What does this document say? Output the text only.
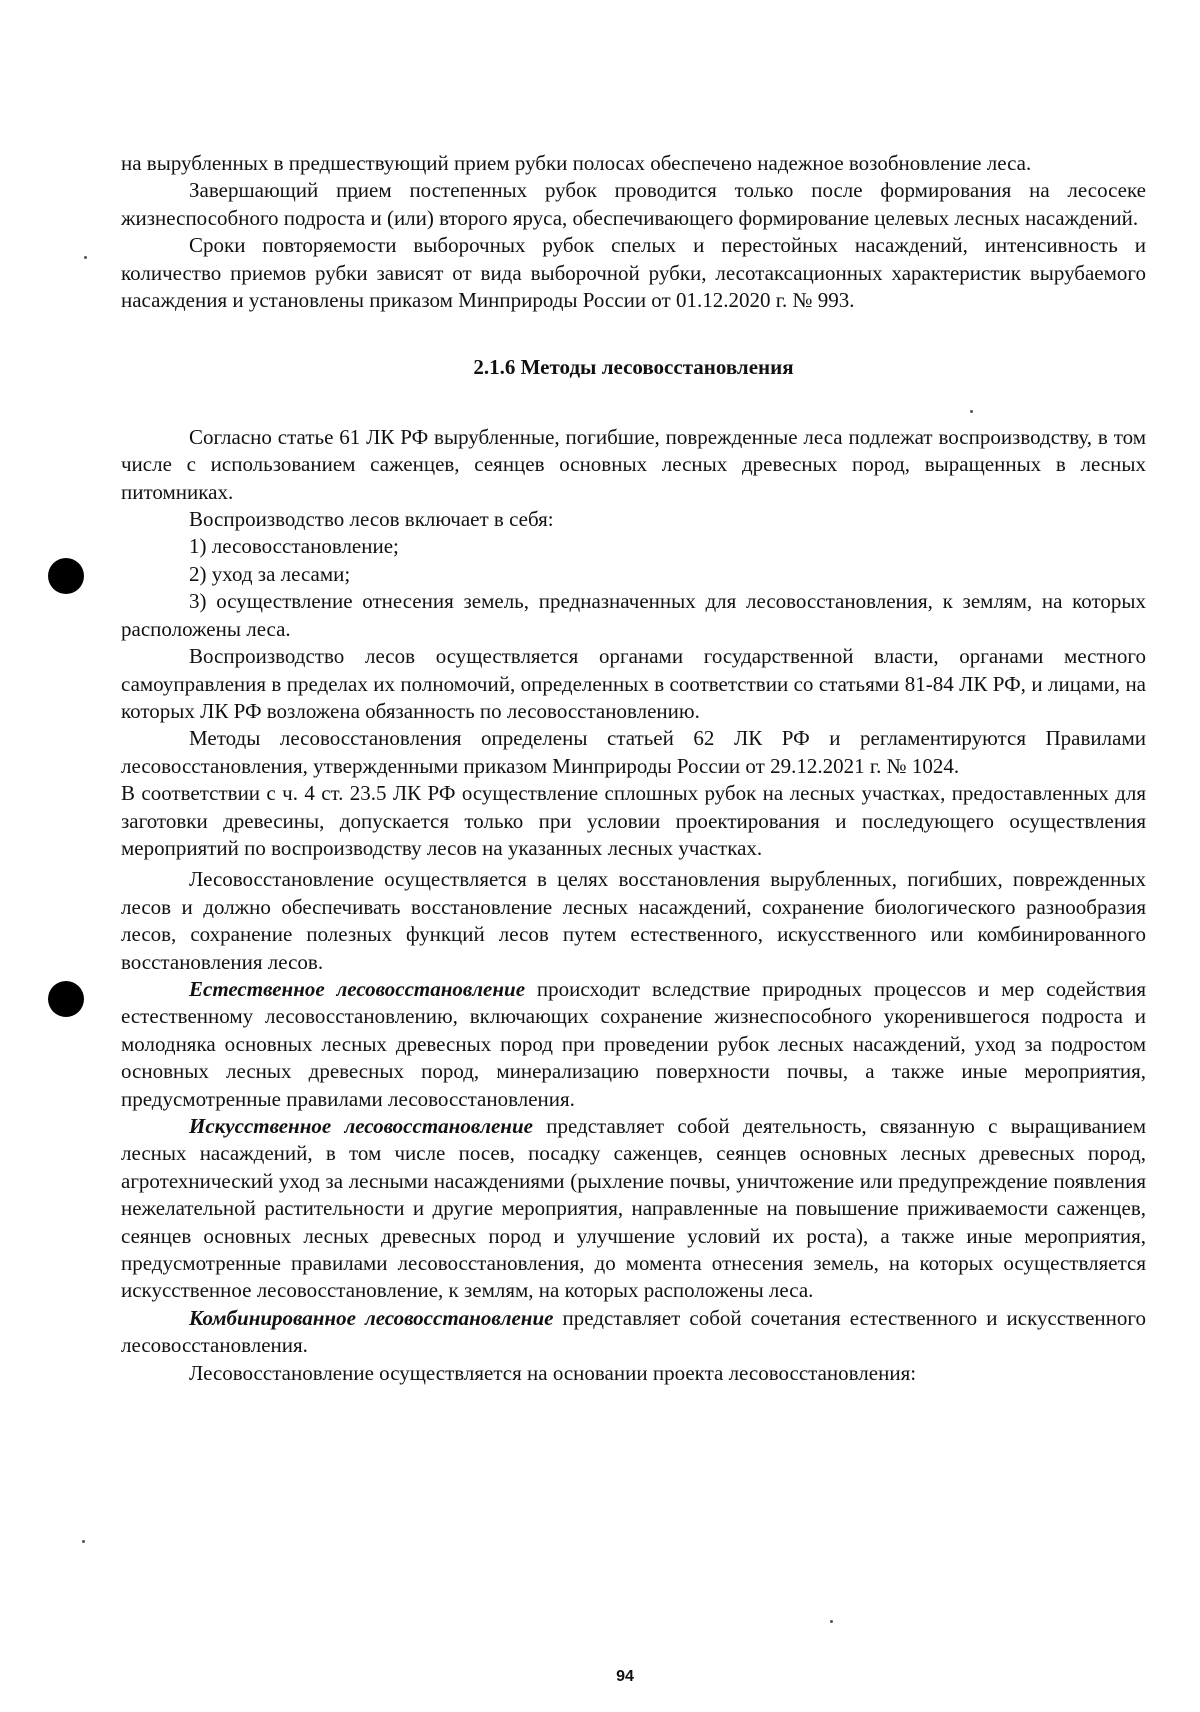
на вырубленных в предшествующий прием рубки полосах обеспечено надежное возобновление леса.

Завершающий прием постепенных рубок проводится только после формирования на лесосеке жизнеспособного подроста и (или) второго яруса, обеспечивающего формирование целевых лесных насаждений.

Сроки повторяемости выборочных рубок спелых и перестойных насаждений, интенсивность и количество приемов рубки зависят от вида выборочной рубки, лесотаксационных характеристик вырубаемого насаждения и установлены приказом Минприроды России от 01.12.2020 г. № 993.

2.1.6 Методы лесовосстановления

Согласно статье 61 ЛК РФ вырубленные, погибшие, поврежденные леса подлежат воспроизводству, в том числе с использованием саженцев, сеянцев основных лесных древесных пород, выращенных в лесных питомниках.

Воспроизводство лесов включает в себя:

1) лесовосстановление;

2) уход за лесами;

3) осуществление отнесения земель, предназначенных для лесовосстановления, к землям, на которых расположены леса.

Воспроизводство лесов осуществляется органами государственной власти, органами местного самоуправления в пределах их полномочий, определенных в соответствии со статьями 81-84 ЛК РФ, и лицами, на которых ЛК РФ возложена обязанность по лесовосстановлению.

Методы лесовосстановления определены статьей 62 ЛК РФ и регламентируются Правилами лесовосстановления, утвержденными приказом Минприроды России от 29.12.2021 г. № 1024.

В соответствии с ч. 4 ст. 23.5 ЛК РФ осуществление сплошных рубок на лесных участках, предоставленных для заготовки древесины, допускается только при условии проектирования и последующего осуществления мероприятий по воспроизводству лесов на указанных лесных участках.

Лесовосстановление осуществляется в целях восстановления вырубленных, погибших, поврежденных лесов и должно обеспечивать восстановление лесных насаждений, сохранение биологического разнообразия лесов, сохранение полезных функций лесов путем естественного, искусственного или комбинированного восстановления лесов.

Естественное лесовосстановление происходит вследствие природных процессов и мер содействия естественному лесовосстановлению, включающих сохранение жизнеспособного укоренившегося подроста и молодняка основных лесных древесных пород при проведении рубок лесных насаждений, уход за подростом основных лесных древесных пород, минерализацию поверхности почвы, а также иные мероприятия, предусмотренные правилами лесовосстановления.

Искусственное лесовосстановление представляет собой деятельность, связанную с выращиванием лесных насаждений, в том числе посев, посадку саженцев, сеянцев основных лесных древесных пород, агротехнический уход за лесными насаждениями (рыхление почвы, уничтожение или предупреждение появления нежелательной растительности и другие мероприятия, направленные на повышение приживаемости саженцев, сеянцев основных лесных древесных пород и улучшение условий их роста), а также иные мероприятия, предусмотренные правилами лесовосстановления, до момента отнесения земель, на которых осуществляется искусственное лесовосстановление, к землям, на которых расположены леса.

Комбинированное лесовосстановление представляет собой сочетания естественного и искусственного лесовосстановления.

Лесовосстановление осуществляется на основании проекта лесовосстановления:

94
